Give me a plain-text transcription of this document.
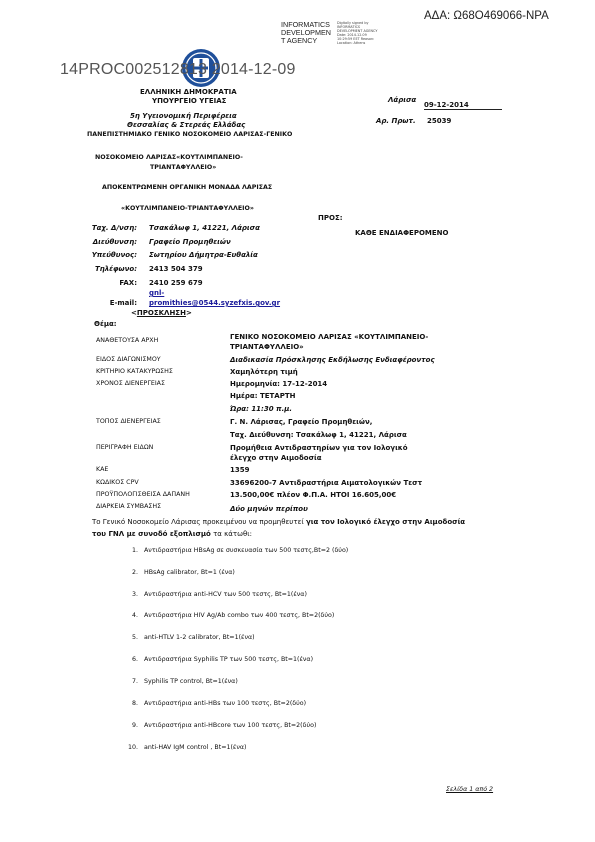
ΑΔΑ: Ω68Ο469066-ΝΡΑ
INFORMATICS
DEVELOPMEN
T AGENCY
Digitally signed by INFORMATICS DEVELOPMENT AGENCY Date: 2014.12.09 10:29:59 EET Reason: Location: Athens
14PROC002512813 2014-12-09
ΕΛΛΗΝΙΚΗ ΔΗΜΟΚΡΑΤΙΑ
ΥΠΟΥΡΓΕΙΟ ΥΓΕΙΑΣ
5η Υγειονομική Περιφέρεια
Θεσσαλίας & Στερεάς Ελλάδας
ΠΑΝΕΠΙΣΤΗΜΙΑΚΟ ΓΕΝΙΚΟ ΝΟΣΟΚΟΜΕΙΟ ΛΑΡΙΣΑΣ-ΓΕΝΙΚΟ
ΝΟΣΟΚΟΜΕΙΟ ΛΑΡΙΣΑΣ«ΚΟΥΤΛΙΜΠΑΝΕΙΟ-
ΤΡΙΑΝΤΑΦΥΛΛΕΙΟ»
ΑΠΟΚΕΝΤΡΩΜΕΝΗ ΟΡΓΑΝΙΚΗ ΜΟΝΑΔΑ ΛΑΡΙΣΑΣ
«ΚΟΥΤΛΙΜΠΑΝΕΙΟ-ΤΡΙΑΝΤΑΦΥΛΛΕΙΟ»
Λάρισα
09-12-2014
Αρ. Πρωτ. 25039
ΠΡΟΣ:
ΚΑΘΕ ΕΝΔΙΑΦΕΡΟΜΕΝΟ
Ταχ. Δ/νση: Τσακάλωφ 1, 41221, Λάρισα
Διεύθυνση: Γραφείο Προμηθειών
Υπεύθυνος: Σωτηρίου Δήμητρα-Ευθαλία
Τηλέφωνο: 2413 504 379
FAX: 2410 259 679
gnl-
E-mail: promithies@0544.syzefxis.gov.gr
<ΠΡΟΣΚΛΗΣΗ>
Θέμα:
ΑΝΑΘΕΤΟΥΣΑ ΑΡΧΗ	ΓΕΝΙΚΟ ΝΟΣΟΚΟΜΕΙΟ ΛΑΡΙΣΑΣ «ΚΟΥΤΛΙΜΠΑΝΕΙΟ-ΤΡΙΑΝΤΑΦΥΛΛΕΙΟ»
ΕΙΔΟΣ ΔΙΑΓΩΝΙΣΜΟΥ	Διαδικασία Πρόσκλησης Εκδήλωσης Ενδιαφέροντος
ΚΡΙΤΗΡΙΟ ΚΑΤΑΚΥΡΩΣΗΣ	Χαμηλότερη τιμή
ΧΡΟΝΟΣ ΔΙΕΝΕΡΓΕΙΑΣ	Ημερομηνία: 17-12-2014
Ημέρα: ΤΕΤΑΡΤΗ
Ώρα: 11:30 π.μ.
ΤΟΠΟΣ ΔΙΕΝΕΡΓΕΙΑΣ	Γ. Ν. Λάρισας, Γραφείο Προμηθειών,
Ταχ. Διεύθυνση: Τσακάλωφ 1, 41221, Λάρισα
ΠΕΡΙΓΡΑΦΗ ΕΙΔΩΝ	Προμήθεια Αντιδραστηρίων για τον Ιολογικό έλεγχο στην Αιμοδοσία
ΚΑΕ	1359
ΚΩΔΙΚΟΣ CPV	33696200-7 Αντιδραστήρια Αιματολογικών Τεστ
ΠΡΟΫΠΟΛΟΓΙΣΘΕΙΣΑ ΔΑΠΑΝΗ	13.500,00€ πλέον Φ.Π.Α. ΗΤΟΙ 16.605,00€
ΔΙΑΡΚΕΙΑ ΣΥΜΒΑΣΗΣ	Δύο μηνών περίπου
Το Γενικό Νοσοκομείο Λάρισας προκειμένου να προμηθευτεί για τον Ιολογικό έλεγχο στην Αιμοδοσία
του ΓΝΛ με συνοδό εξοπλισμό τα κάτωθι:
1. Αντιδραστήρια HBsAg σε συσκευασία των 500 τεστς,Bt=2 (δύο)
2. HBsAg calibrator, Bt=1 (ένα)
3. Αντιδραστήρια anti-HCV των 500 τεστς, Bt=1(ένα)
4. Αντιδραστήρια HIV Ag/Ab combo των 400 τεστς, Bt=2(δύο)
5. anti-HTLV 1-2 calibrator, Bt=1(ένα)
6. Αντιδραστήρια Syphilis TP των 500 τεστς, Bt=1(ένα)
7. Syphilis TP control, Bt=1(ένα)
8. Αντιδραστήρια anti-HBs των 100 τεστς, Bt=2(δύο)
9. Αντιδραστήρια anti-HBcore των 100 τεστς, Bt=2(δύο)
10. anti-HAV IgM control , Bt=1(ένα)
Σελίδα 1 από 2
